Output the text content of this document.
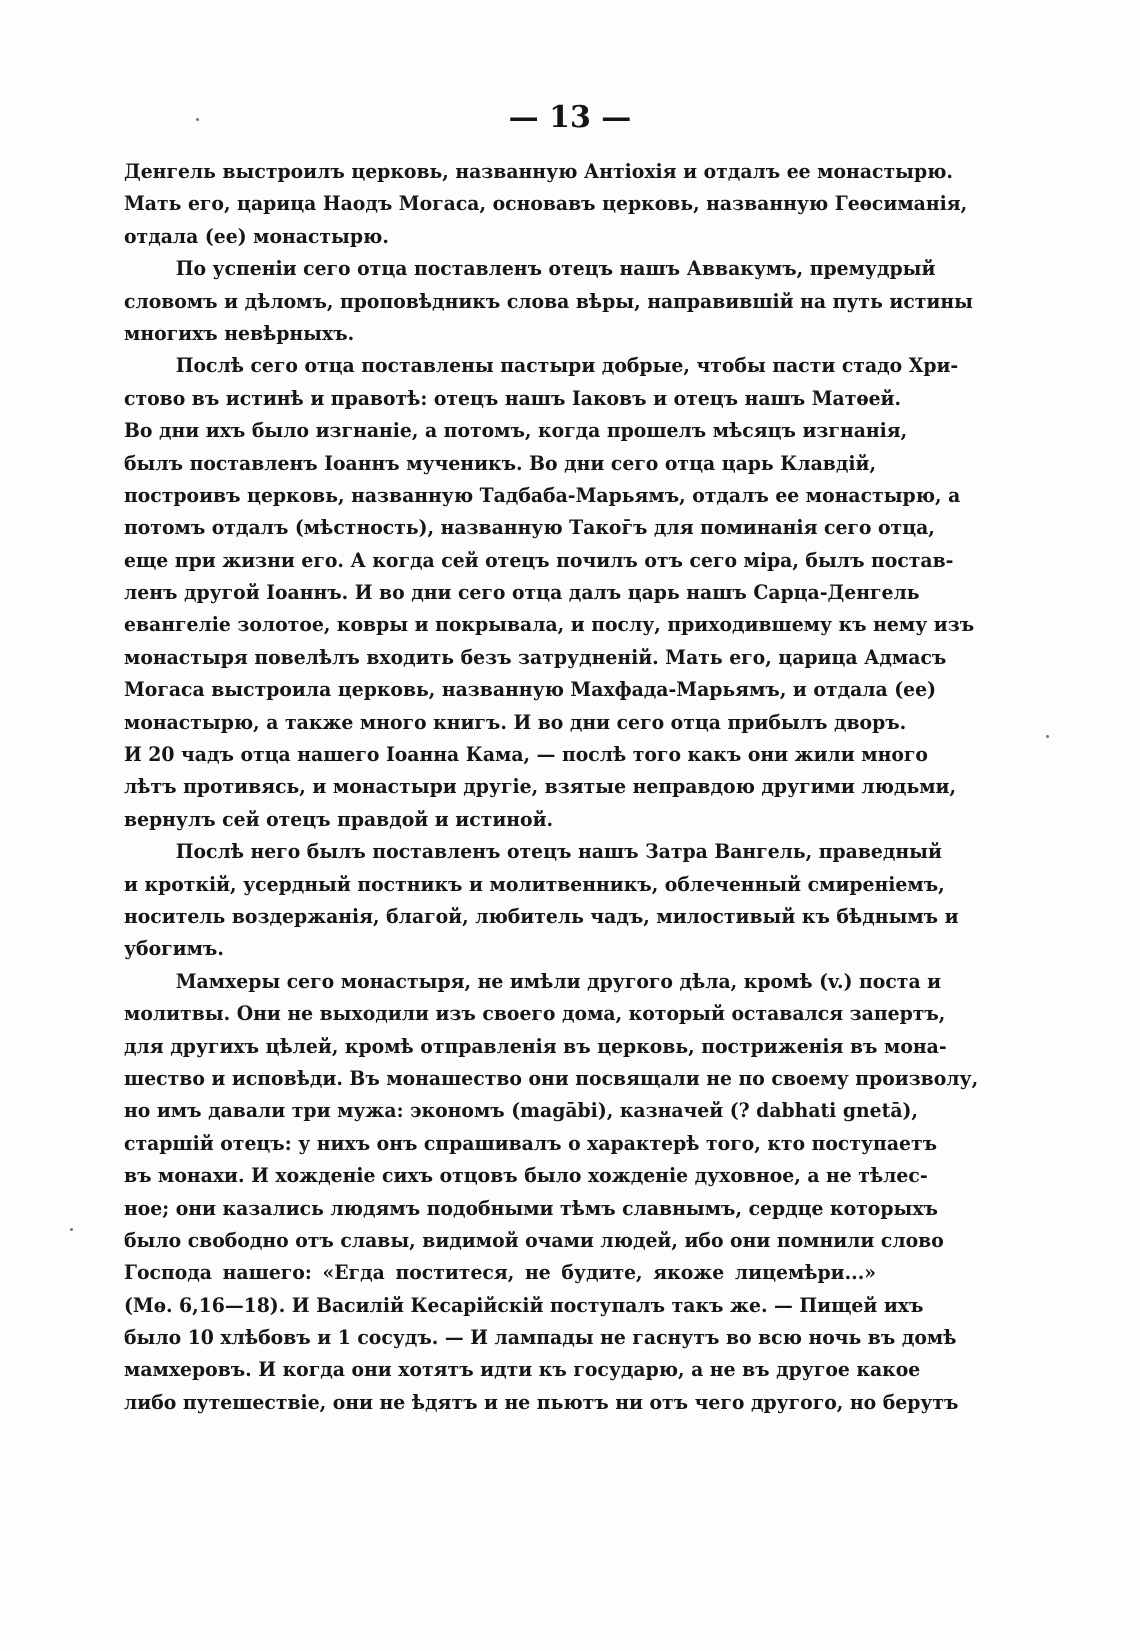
— 13 —
Денгель выстроилъ церковь, названную Антіохія и отдалъ ее монастырю.
Мать его, царица Наодъ Могаса, основавъ церковь, названную Геѳсиманія,
отдала (ее) монастырю.
По успеніи сего отца поставленъ отецъ нашъ Аввакумъ, премудрый
словомъ и дѣломъ, проповѣдникъ слова вѣры, направившій на путь истины
многихъ невѣрныхъ.
Послѣ сего отца поставлены пастыри добрые, чтобы пасти стадо Хри-
стово въ истинѣ и правотѣ: отецъ нашъ Іаковъ и отецъ нашъ Матѳей.
Во дни ихъ было изгнаніе, а потомъ, когда прошелъ мѣсяцъ изгнанія,
былъ поставленъ Іоаннъ мученикъ. Во дни сего отца царь Клавдій,
построивъ церковь, названную Тадбаба-Марьямъ, отдалъ ее монастырю, а
потомъ отдалъ (мѣстность), названную Таког̄ъ для поминанія сего отца,
еще при жизни его. А когда сей отецъ почилъ отъ сего міра, былъ постав-
ленъ другой Іоаннъ. И во дни сего отца далъ царь нашъ Сарца-Денгель
евангеліе золотое, ковры и покрывала, и послу, приходившему къ нему изъ
монастыря повелѣлъ входить безъ затрудненій. Мать его, царица Адмасъ
Могаса выстроила церковь, названную Махфада-Марьямъ, и отдала (ее)
монастырю, а также много книгъ. И во дни сего отца прибылъ дворъ.
И 20 чадъ отца нашего Іоанна Кама, — послѣ того какъ они жили много
лѣтъ противясь, и монастыри другіе, взятые неправдою другими людьми,
вернулъ сей отецъ правдой и истиной.
Послѣ него былъ поставленъ отецъ нашъ Затра Вангель, праведный
и кроткій, усердный постникъ и молитвенникъ, облеченный смиреніемъ,
носитель воздержанія, благой, любитель чадъ, милостивый къ бѣднымъ и
убогимъ.
Мамхеры сего монастыря, не имѣли другого дѣла, кромѣ (v.) поста и
молитвы. Они не выходили изъ своего дома, который оставался запертъ,
для другихъ цѣлей, кромѣ отправленія въ церковь, постриженія въ мона-
шество и исповѣди. Въ монашество они посвящали не по своему произволу,
но имъ давали три мужа: экономъ (magābi), казначей (? dabhati gnetā),
старшій отецъ: у нихъ онъ спрашивалъ о характерѣ того, кто поступаетъ
въ монахи. И хожденіе сихъ отцовъ было хожденіе духовное, а не тѣлес-
ное; они казались людямъ подобными тѣмъ славнымъ, сердце которыхъ
было свободно отъ славы, видимой очами людей, ибо они помнили слово
Господа нашего: «Егда поститеся, не будите, якоже лицемѣри...»
(Мѳ. 6,16—18). И Василій Кесарійскій поступалъ такъ же. — Пищей ихъ
было 10 хлѣбовъ и 1 сосудъ. — И лампады не гаснутъ во всю ночь въ домѣ
мамхеровъ. И когда они хотятъ идти къ государю, а не въ другое какое
либо путешествіе, они не ѣдятъ и не пьютъ ни отъ чего другого, но берутъ
